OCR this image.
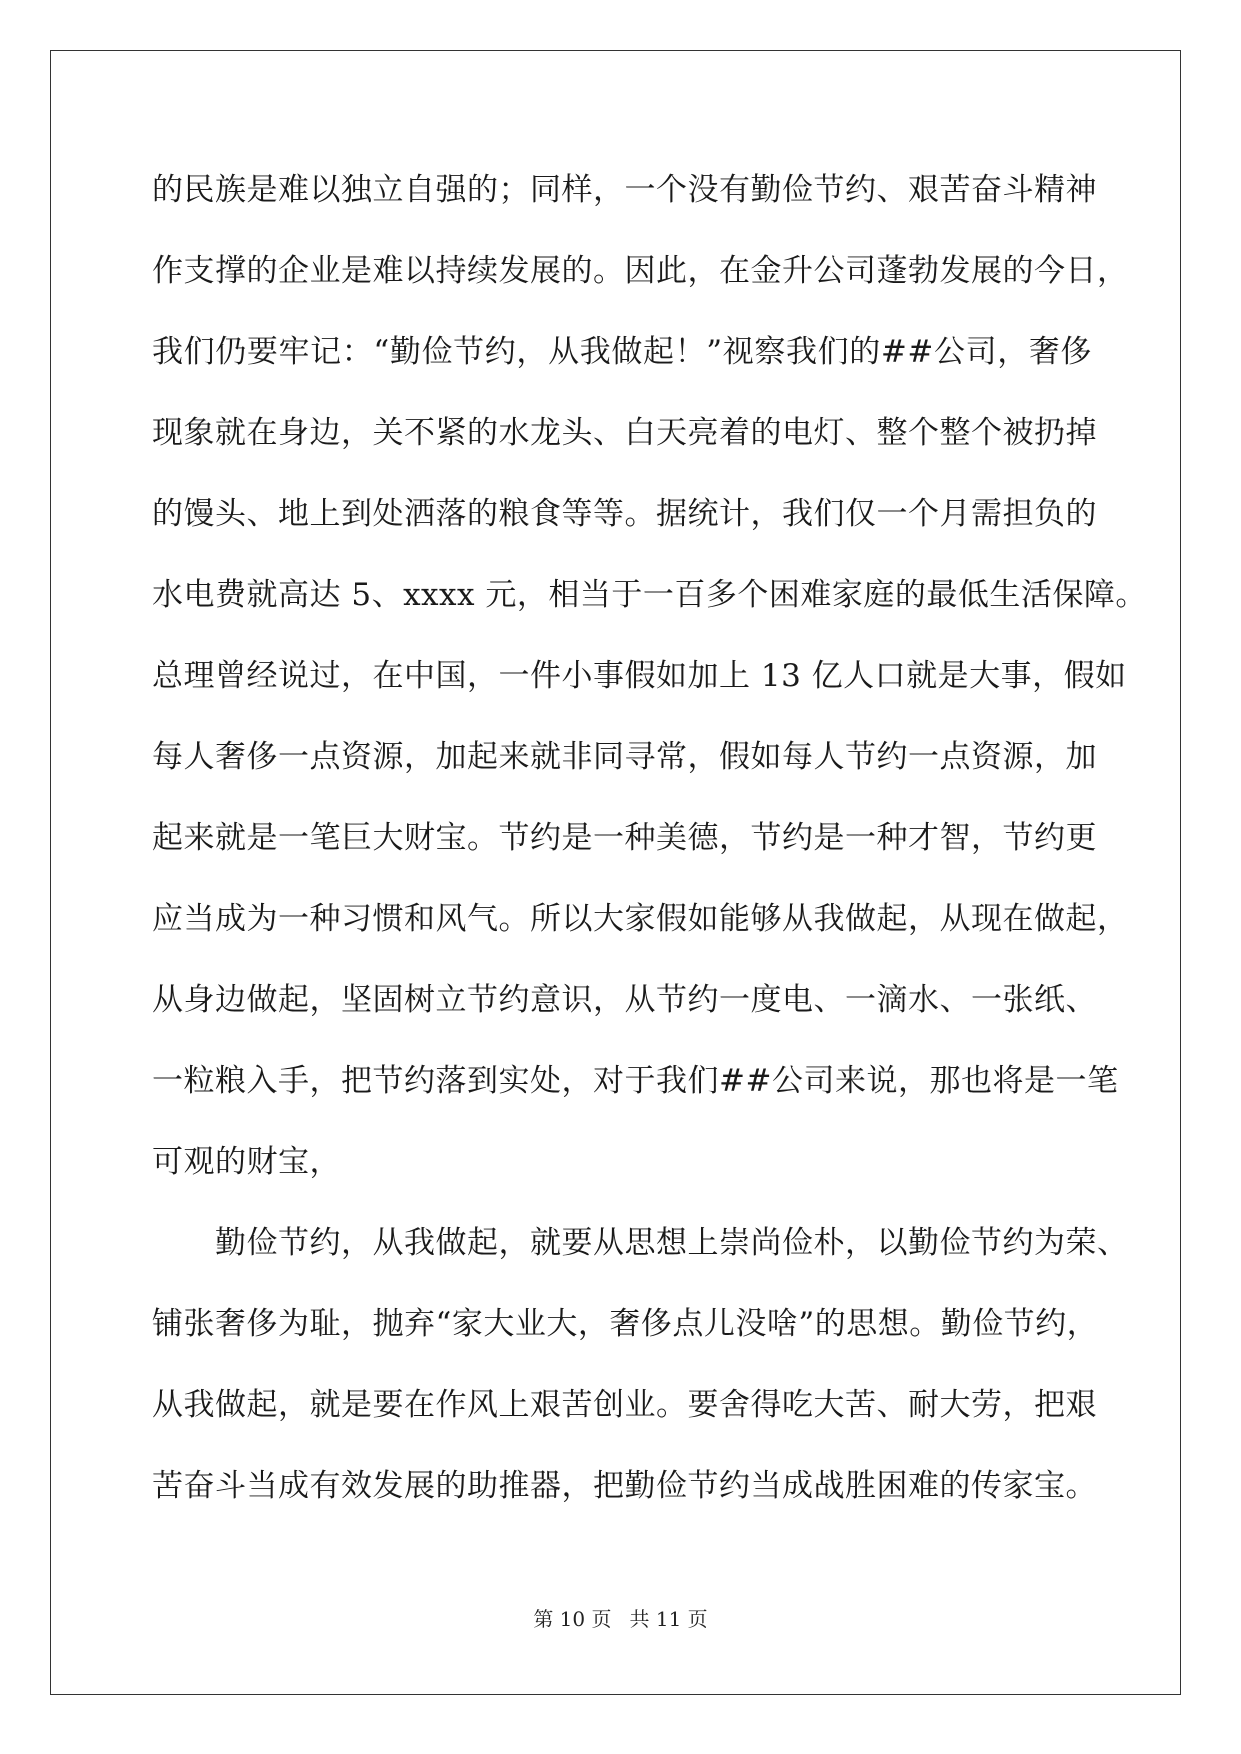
的民族是难以独立自强的；同样，一个没有勤俭节约、艰苦奋斗精神
作支撑的企业是难以持续发展的。因此，在金升公司蓬勃发展的今日，
我们仍要牢记：“勤俭节约，从我做起！”视察我们的##公司，奢侈
现象就在身边，关不紧的水龙头、白天亮着的电灯、整个整个被扔掉
的馒头、地上到处洒落的粮食等等。据统计，我们仅一个月需担负的
水电费就高达 5、xxxx 元，相当于一百多个困难家庭的最低生活保障。
总理曾经说过，在中国，一件小事假如加上 13 亿人口就是大事，假如
每人奢侈一点资源，加起来就非同寻常，假如每人节约一点资源，加
起来就是一笔巨大财宝。节约是一种美德，节约是一种才智，节约更
应当成为一种习惯和风气。所以大家假如能够从我做起，从现在做起，
从身边做起，坚固树立节约意识，从节约一度电、一滴水、一张纸、
一粒粮入手，把节约落到实处，对于我们##公司来说，那也将是一笔
可观的财宝，
勤俭节约，从我做起，就要从思想上崇尚俭朴，以勤俭节约为荣、
铺张奢侈为耻，抛弃“家大业大，奢侈点儿没啥”的思想。勤俭节约，
从我做起，就是要在作风上艰苦创业。要舍得吃大苦、耐大劳，把艰
苦奋斗当成有效发展的助推器，把勤俭节约当成战胜困难的传家宝。
第 10 页 共 11 页
